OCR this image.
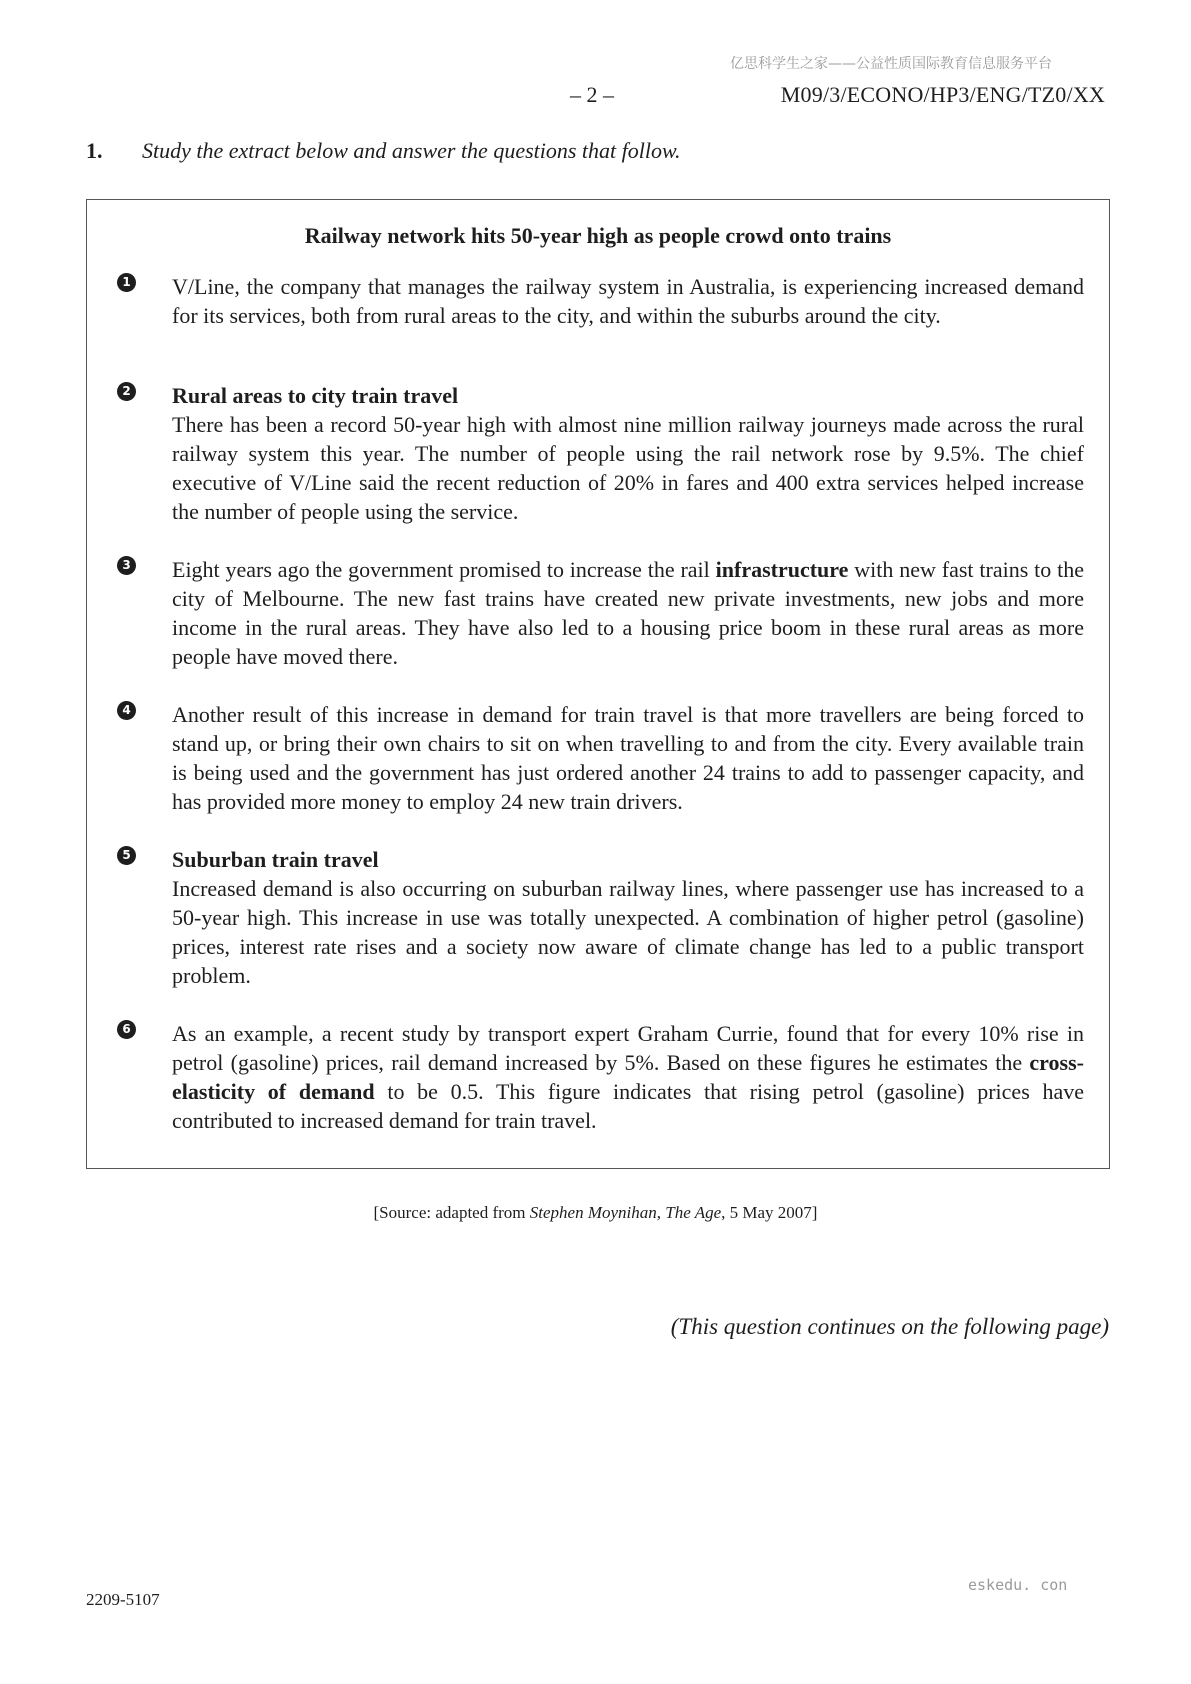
亿思科学生之家——公益性质国际教育信息服务平台
– 2 –	M09/3/ECONO/HP3/ENG/TZ0/XX
1. Study the extract below and answer the questions that follow.
Railway network hits 50-year high as people crowd onto trains
1 V/Line, the company that manages the railway system in Australia, is experiencing increased demand for its services, both from rural areas to the city, and within the suburbs around the city.
2 Rural areas to city train travel
There has been a record 50-year high with almost nine million railway journeys made across the rural railway system this year. The number of people using the rail network rose by 9.5%. The chief executive of V/Line said the recent reduction of 20% in fares and 400 extra services helped increase the number of people using the service.
3 Eight years ago the government promised to increase the rail infrastructure with new fast trains to the city of Melbourne. The new fast trains have created new private investments, new jobs and more income in the rural areas. They have also led to a housing price boom in these rural areas as more people have moved there.
4 Another result of this increase in demand for train travel is that more travellers are being forced to stand up, or bring their own chairs to sit on when travelling to and from the city. Every available train is being used and the government has just ordered another 24 trains to add to passenger capacity, and has provided more money to employ 24 new train drivers.
5 Suburban train travel
Increased demand is also occurring on suburban railway lines, where passenger use has increased to a 50-year high. This increase in use was totally unexpected. A combination of higher petrol (gasoline) prices, interest rate rises and a society now aware of climate change has led to a public transport problem.
6 As an example, a recent study by transport expert Graham Currie, found that for every 10% rise in petrol (gasoline) prices, rail demand increased by 5%. Based on these figures he estimates the cross-elasticity of demand to be 0.5. This figure indicates that rising petrol (gasoline) prices have contributed to increased demand for train travel.
[Source: adapted from Stephen Moynihan, The Age, 5 May 2007]
(This question continues on the following page)
2209-5107
eskedu. con
